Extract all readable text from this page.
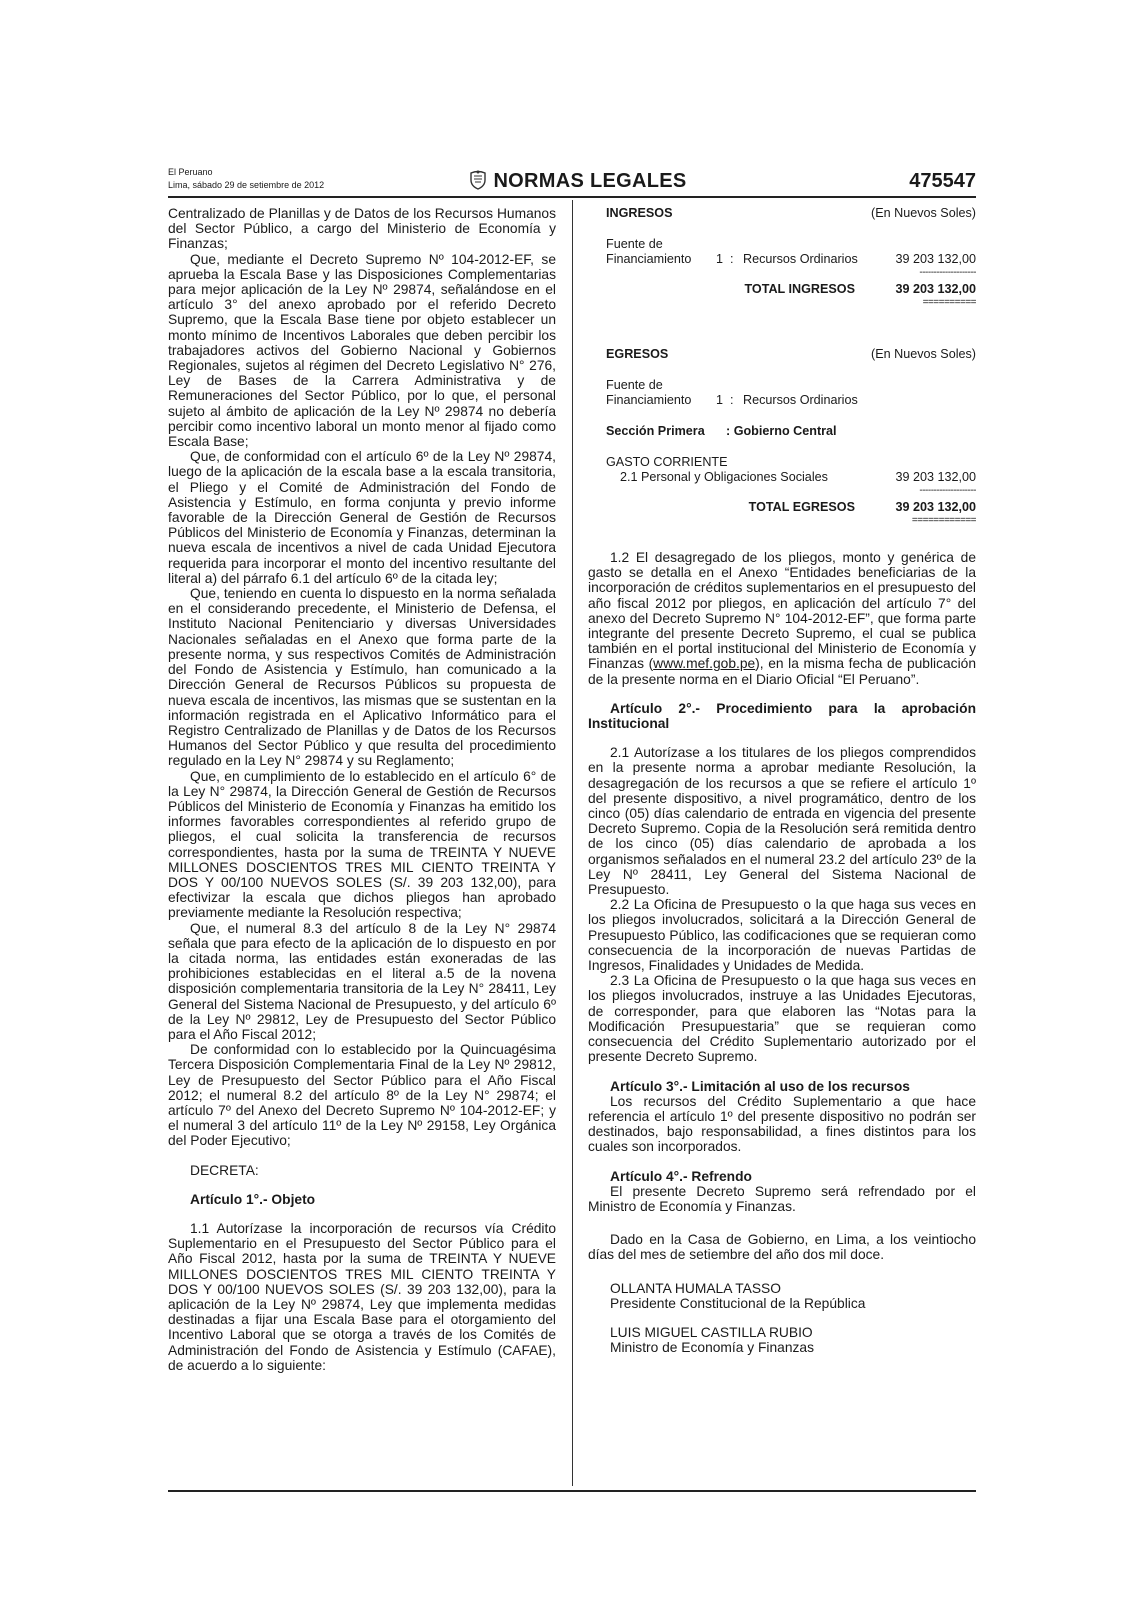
El Peruano
Lima, sábado 29 de setiembre de 2012	NORMAS LEGALES	475547

Centralizado de Planillas y de Datos de los Recursos Humanos del Sector Público, a cargo del Ministerio de Economía y Finanzas;

Que, mediante el Decreto Supremo Nº 104-2012-EF, se aprueba la Escala Base y las Disposiciones Complementarias para mejor aplicación de la Ley Nº 29874, señalándose en el artículo 3° del anexo aprobado por el referido Decreto Supremo, que la Escala Base tiene por objeto establecer un monto mínimo de Incentivos Laborales que deben percibir los trabajadores activos del Gobierno Nacional y Gobiernos Regionales, sujetos al régimen del Decreto Legislativo N° 276, Ley de Bases de la Carrera Administrativa y de Remuneraciones del Sector Público, por lo que, el personal sujeto al ámbito de aplicación de la Ley Nº 29874 no debería percibir como incentivo laboral un monto menor al fijado como Escala Base;

Que, de conformidad con el artículo 6º de la Ley Nº 29874, luego de la aplicación de la escala base a la escala transitoria, el Pliego y el Comité de Administración del Fondo de Asistencia y Estímulo, en forma conjunta y previo informe favorable de la Dirección General de Gestión de Recursos Públicos del Ministerio de Economía y Finanzas, determinan la nueva escala de incentivos a nivel de cada Unidad Ejecutora requerida para incorporar el monto del incentivo resultante del literal a) del párrafo 6.1 del artículo 6º de la citada ley;

Que, teniendo en cuenta lo dispuesto en la norma señalada en el considerando precedente, el Ministerio de Defensa, el Instituto Nacional Penitenciario y diversas Universidades Nacionales señaladas en el Anexo que forma parte de la presente norma, y sus respectivos Comités de Administración del Fondo de Asistencia y Estímulo, han comunicado a la Dirección General de Recursos Públicos su propuesta de nueva escala de incentivos, las mismas que se sustentan en la información registrada en el Aplicativo Informático para el Registro Centralizado de Planillas y de Datos de los Recursos Humanos del Sector Público y que resulta del procedimiento regulado en la Ley N° 29874 y su Reglamento;

Que, en cumplimiento de lo establecido en el artículo 6° de la Ley N° 29874, la Dirección General de Gestión de Recursos Públicos del Ministerio de Economía y Finanzas ha emitido los informes favorables correspondientes al referido grupo de pliegos, el cual solicita la transferencia de recursos correspondientes, hasta por la suma de TREINTA Y NUEVE MILLONES DOSCIENTOS TRES MIL CIENTO TREINTA Y DOS Y 00/100 NUEVOS SOLES (S/. 39 203 132,00), para efectivizar la escala que dichos pliegos han aprobado previamente mediante la Resolución respectiva;

Que, el numeral 8.3 del artículo 8 de la Ley N° 29874 señala que para efecto de la aplicación de lo dispuesto en por la citada norma, las entidades están exoneradas de las prohibiciones establecidas en el literal a.5 de la novena disposición complementaria transitoria de la Ley N° 28411, Ley General del Sistema Nacional de Presupuesto, y del artículo 6º de la Ley Nº 29812, Ley de Presupuesto del Sector Público para el Año Fiscal 2012;

De conformidad con lo establecido por la Quincuagésima Tercera Disposición Complementaria Final de la Ley Nº 29812, Ley de Presupuesto del Sector Público para el Año Fiscal 2012; el numeral 8.2 del artículo 8º de la Ley N° 29874; el artículo 7º del Anexo del Decreto Supremo Nº 104-2012-EF; y el numeral 3 del artículo 11º de la Ley Nº 29158, Ley Orgánica del Poder Ejecutivo;

DECRETA:

Artículo 1°.- Objeto

1.1 Autorízase la incorporación de recursos vía Crédito Suplementario en el Presupuesto del Sector Público para el Año Fiscal 2012, hasta por la suma de TREINTA Y NUEVE MILLONES DOSCIENTOS TRES MIL CIENTO TREINTA Y DOS Y 00/100 NUEVOS SOLES (S/. 39 203 132,00), para la aplicación de la Ley Nº 29874, Ley que implementa medidas destinadas a fijar una Escala Base para el otorgamiento del Incentivo Laboral que se otorga a través de los Comités de Administración del Fondo de Asistencia y Estímulo (CAFAE), de acuerdo a lo siguiente:

INGRESOS	(En Nuevos Soles)
Fuente de
Financiamiento 1 : Recursos Ordinarios	39 203 132,00
--------------------
TOTAL INGRESOS	39 203 132,00
==========
EGRESOS	(En Nuevos Soles)
Fuente de
Financiamiento 1 : Recursos Ordinarios
Sección Primera : Gobierno Central
GASTO CORRIENTE
2.1 Personal y Obligaciones Sociales	39 203 132,00
--------------------
TOTAL EGRESOS	39 203 132,00
============

1.2 El desagregado de los pliegos, monto y genérica de gasto se detalla en el Anexo “Entidades beneficiarias de la incorporación de créditos suplementarios en el presupuesto del año fiscal 2012 por pliegos, en aplicación del artículo 7° del anexo del Decreto Supremo N° 104-2012-EF”, que forma parte integrante del presente Decreto Supremo, el cual se publica también en el portal institucional del Ministerio de Economía y Finanzas (www.mef.gob.pe), en la misma fecha de publicación de la presente norma en el Diario Oficial “El Peruano”.

Artículo 2°.- Procedimiento para la aprobación Institucional

2.1 Autorízase a los titulares de los pliegos comprendidos en la presente norma a aprobar mediante Resolución, la desagregación de los recursos a que se refiere el artículo 1º del presente dispositivo, a nivel programático, dentro de los cinco (05) días calendario de entrada en vigencia del presente Decreto Supremo. Copia de la Resolución será remitida dentro de los cinco (05) días calendario de aprobada a los organismos señalados en el numeral 23.2 del artículo 23º de la Ley Nº 28411, Ley General del Sistema Nacional de Presupuesto.

2.2 La Oficina de Presupuesto o la que haga sus veces en los pliegos involucrados, solicitará a la Dirección General de Presupuesto Público, las codificaciones que se requieran como consecuencia de la incorporación de nuevas Partidas de Ingresos, Finalidades y Unidades de Medida.

2.3 La Oficina de Presupuesto o la que haga sus veces en los pliegos involucrados, instruye a las Unidades Ejecutoras, de corresponder, para que elaboren las “Notas para la Modificación Presupuestaria” que se requieran como consecuencia del Crédito Suplementario autorizado por el presente Decreto Supremo.

Artículo 3°.- Limitación al uso de los recursos

Los recursos del Crédito Suplementario a que hace referencia el artículo 1º del presente dispositivo no podrán ser destinados, bajo responsabilidad, a fines distintos para los cuales son incorporados.

Artículo 4°.- Refrendo

El presente Decreto Supremo será refrendado por el Ministro de Economía y Finanzas.

Dado en la Casa de Gobierno, en Lima, a los veintiocho días del mes de setiembre del año dos mil doce.

OLLANTA HUMALA TASSO

Presidente Constitucional de la República

LUIS MIGUEL CASTILLA RUBIO

Ministro de Economía y Finanzas
